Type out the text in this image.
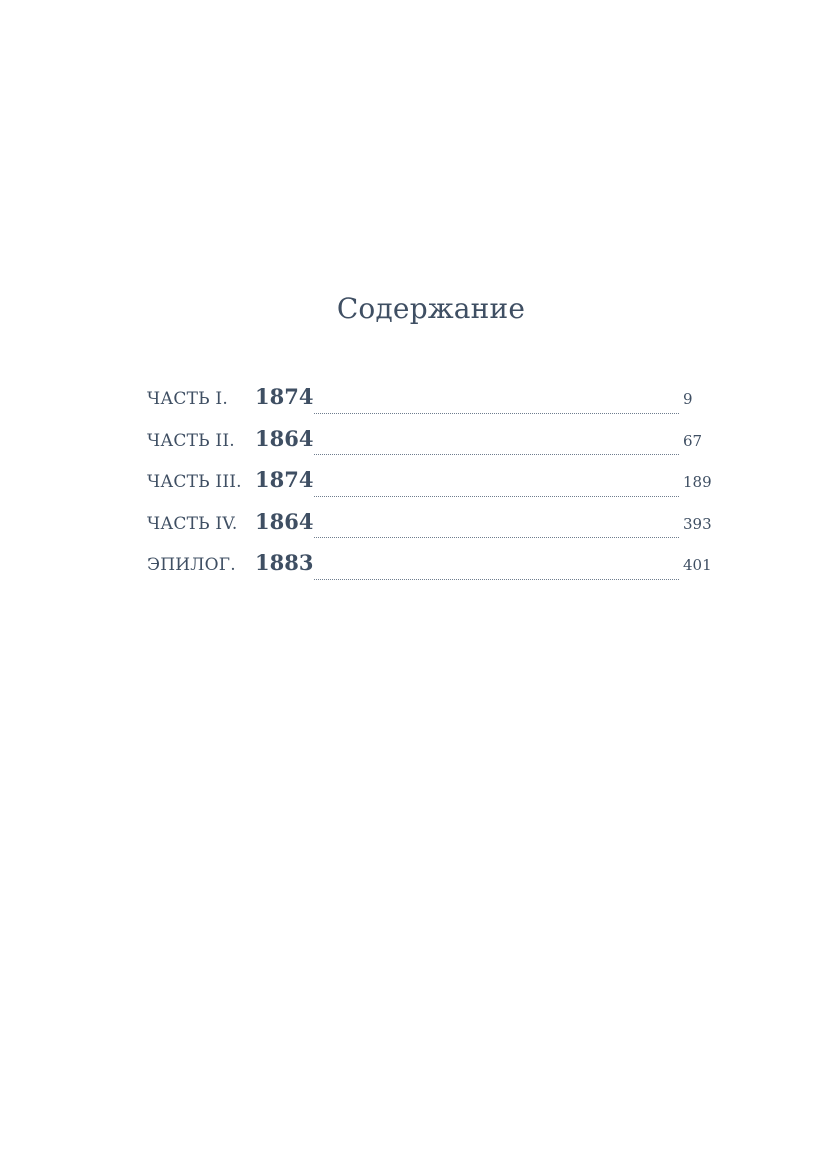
Содержание
ЧАСТЬ I.	1874	9
ЧАСТЬ II. 1864	67
ЧАСТЬ III. 1874	189
ЧАСТЬ IV. 1864	393
ЭПИЛОГ. 1883	401
